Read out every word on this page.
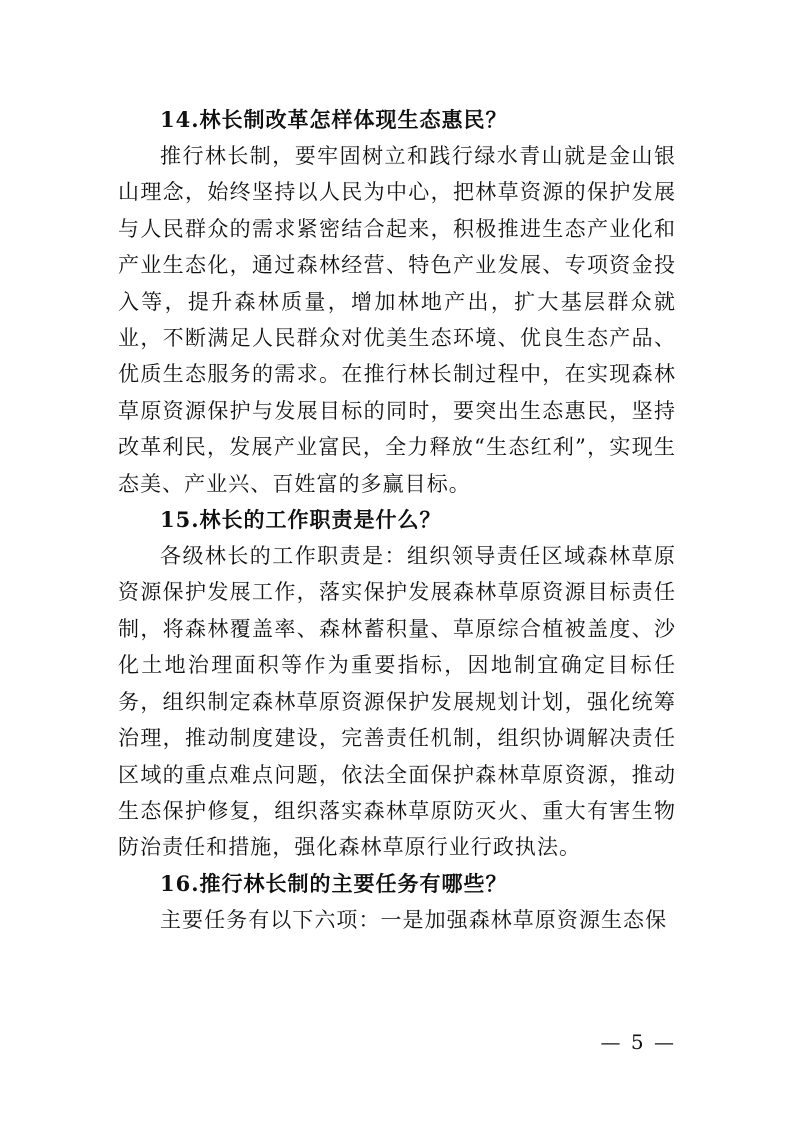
14.林长制改革怎样体现生态惠民？

推行林长制，要牢固树立和践行绿水青山就是金山银山理念，始终坚持以人民为中心，把林草资源的保护发展与人民群众的需求紧密结合起来，积极推进生态产业化和产业生态化，通过森林经营、特色产业发展、专项资金投入等，提升森林质量，增加林地产出，扩大基层群众就业，不断满足人民群众对优美生态环境、优良生态产品、优质生态服务的需求。在推行林长制过程中，在实现森林草原资源保护与发展目标的同时，要突出生态惠民，坚持改革利民，发展产业富民，全力释放“生态红利”，实现生态美、产业兴、百姓富的多赢目标。

15.林长的工作职责是什么？

各级林长的工作职责是：组织领导责任区域森林草原资源保护发展工作，落实保护发展森林草原资源目标责任制，将森林覆盖率、森林蓄积量、草原综合植被盖度、沙化土地治理面积等作为重要指标，因地制宜确定目标任务，组织制定森林草原资源保护发展规划计划，强化统筹治理，推动制度建设，完善责任机制，组织协调解决责任区域的重点难点问题，依法全面保护森林草原资源，推动生态保护修复，组织落实森林草原防灭火、重大有害生物防治责任和措施，强化森林草原行业行政执法。

16.推行林长制的主要任务有哪些？

主要任务有以下六项：一是加强森林草原资源生态保

— 5 —
